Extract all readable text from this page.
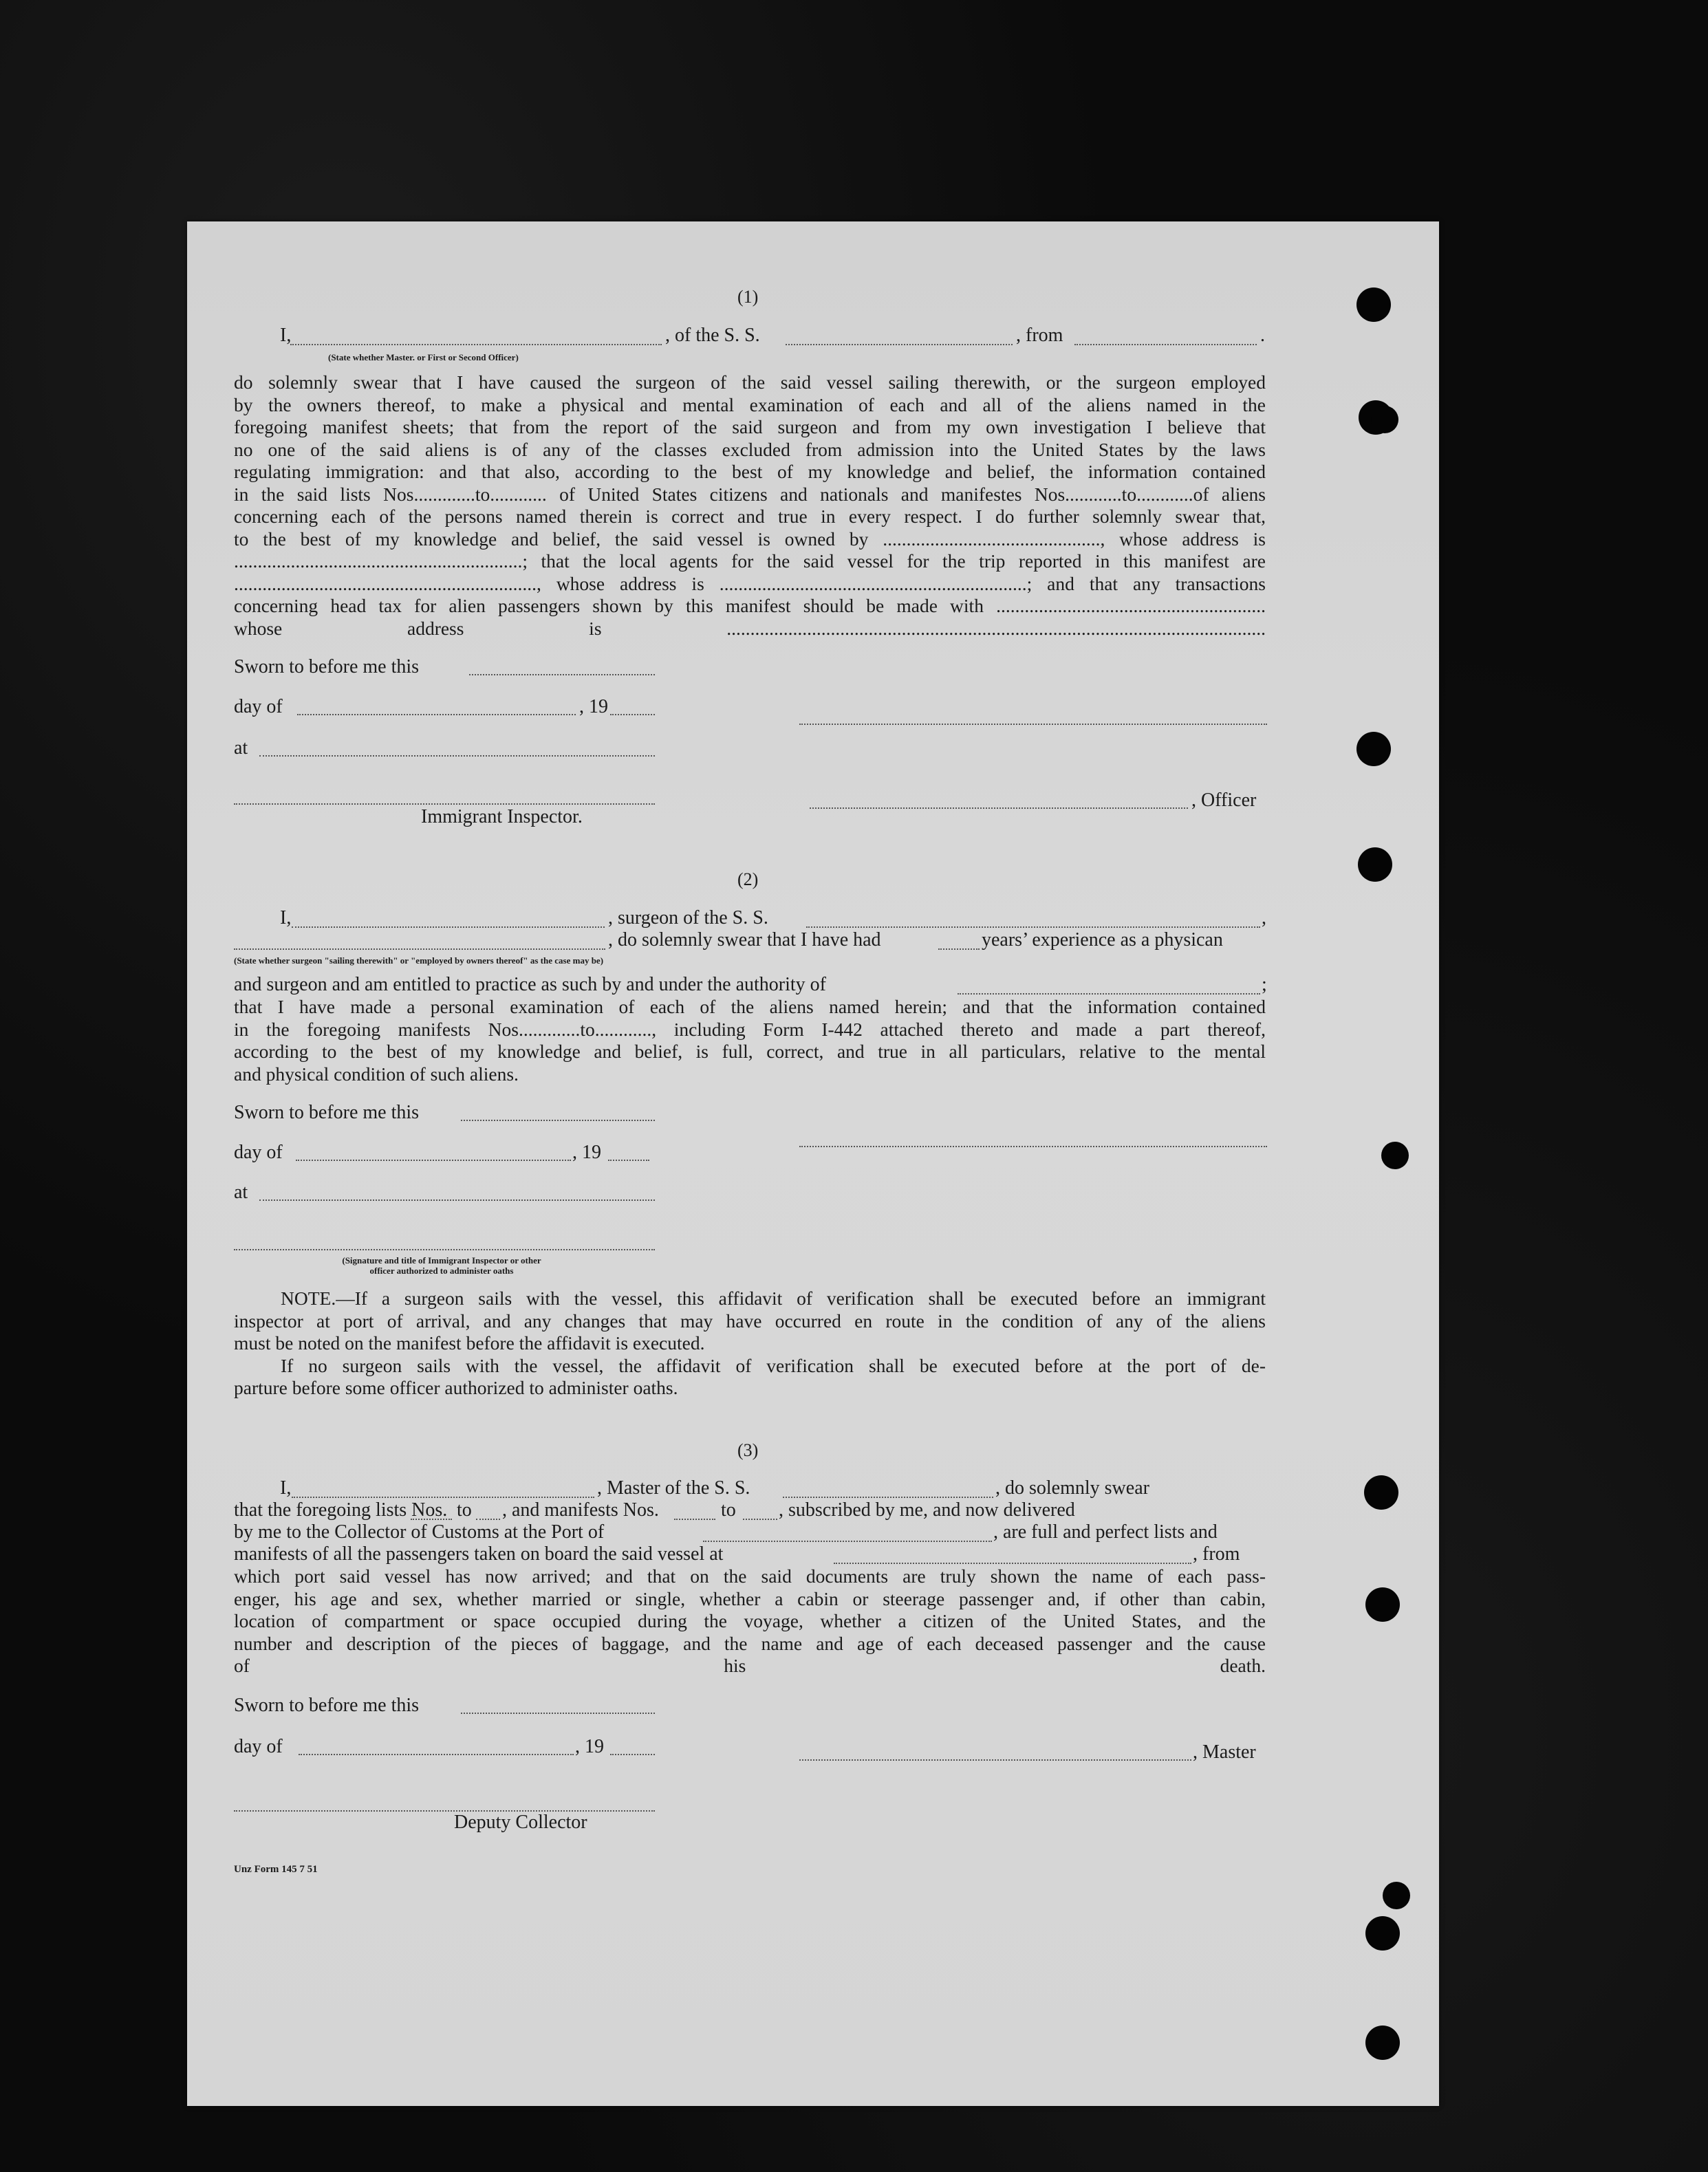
(1)
I,	, of the S. S.	, from	.
(State whether Master. or First or Second Officer)
do solemnly swear that I have caused the surgeon of the said vessel sailing therewith, or the surgeon employed
by the owners thereof, to make a physical and mental examination of each and all of the aliens named in the
foregoing manifest sheets; that from the report of the said surgeon and from my own investigation I believe that
no one of the said aliens is of any of the classes excluded from admission into the United States by the laws
regulating immigration: and that also, according to the best of my knowledge and belief, the information contained
in the said lists Nos.............to............ of United States citizens and nationals and manifestes Nos............to............of aliens
concerning each of the persons named therein is correct and true in every respect. I do further solemnly swear that,
to the best of my knowledge and belief, the said vessel is owned by .............................................., whose address is
.............................................................; that the local agents for the said vessel for the trip reported in this manifest are
................................................................, whose address is .................................................................; and that any transactions
concerning head tax for alien passengers shown by this manifest should be made with .........................................................
whose address is ..................................................................................................................
Sworn to before me this
day of	, 19
at
, Officer
Immigrant Inspector.
(2)
I,	, surgeon of the S. S.	,
, do solemnly swear that I have had	years’ experience as a physican
(State whether surgeon "sailing therewith" or "employed by owners thereof" as the case may be)
and surgeon and am entitled to practice as such by and under the authority of	;
that I have made a personal examination of each of the aliens named herein; and that the information contained
in the foregoing manifests Nos.............to............, including Form I-442 attached thereto and made a part thereof,
according to the best of my knowledge and belief, is full, correct, and true in all particulars, relative to the mental
and physical condition of such aliens.
Sworn to before me this
day of	, 19
at
(Signature and title of Immigrant Inspector or other
officer authorized to administer oaths
NOTE.—If a surgeon sails with the vessel, this affidavit of verification shall be executed before an immigrant
inspector at port of arrival, and any changes that may have occurred en route in the condition of any of the aliens
must be noted on the manifest before the affidavit is executed.
If no surgeon sails with the vessel, the affidavit of verification shall be executed before at the port of de-
parture before some officer authorized to administer oaths.
(3)
I,	, Master of the S. S.	, do solemnly swear
that the foregoing lists Nos. to , and manifests Nos.	to , subscribed by me, and now delivered
by me to the Collector of Customs at the Port of	, are full and perfect lists and
manifests of all the passengers taken on board the said vessel at	, from
which port said vessel has now arrived; and that on the said documents are truly shown the name of each pass-
enger, his age and sex, whether married or single, whether a cabin or steerage passenger and, if other than cabin,
location of compartment or space occupied during the voyage, whether a citizen of the United States, and the
number and description of the pieces of baggage, and the name and age of each deceased passenger and the cause
of his death.
Sworn to before me this
day of	, 19	, Master
Deputy Collector
Unz Form 145 7 51
